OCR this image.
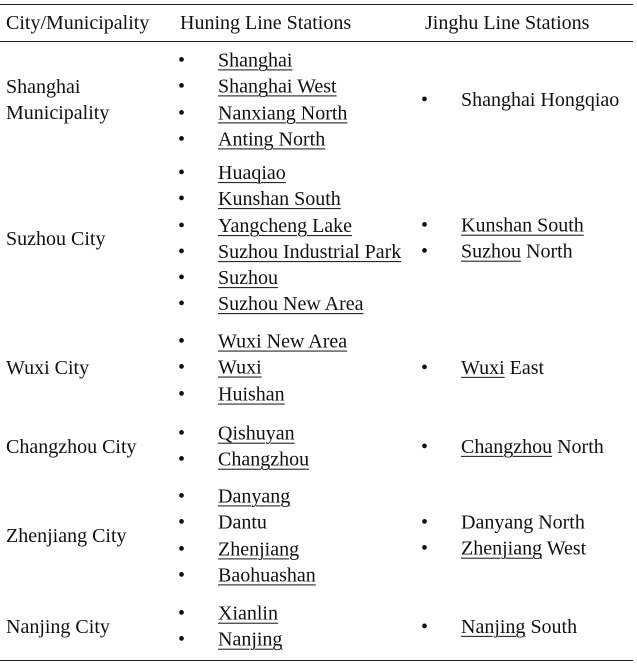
City/Municipality Huning Line Stations	Jinghu Line Stations
Shanghai
Municipality
• Shanghai
• Shanghai West
• Nanxiang North
• Anting North
• Shanghai Hongqiao
Suzhou City
• Huaqiao
• Kunshan South
• Yangcheng Lake
• Suzhou Industrial Park
• Suzhou
• Suzhou New Area
• Kunshan South
• Suzhou North
Wuxi City
• Wuxi New Area
• Wuxi
• Huishan
• Wuxi East
Changzhou City
• Qishuyan
• Changzhou
• Changzhou North
Zhenjiang City
• Danyang
• Dantu
• Zhenjiang
• Baohuashan
• Danyang North
• Zhenjiang West
Nanjing City
• Xianlin
• Nanjing
• Nanjing South
